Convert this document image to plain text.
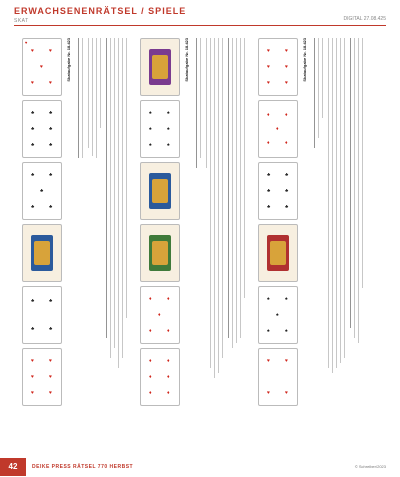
ERWACHSENENRÄTSEL / SPIELE
SKAT	DIGITAL 27.08.425
♥
♥	♥
♥
♥	♥
♣	♣
♣	♣
♣	♣
♣	♣
♣
♣	♣
♣	♣
♣	♣
♥	♥
♥	♥
♥	♥
Skataufgabe Nr. 18.423
♠	♠
♠	♠
♠	♠
♦	♦
♦
♦	♦
♦	♦
♦	♦
♦	♦
Skataufgabe Nr. 18.423	♥	♥
♥	♥
♥	♥
♦	♦
♦
♦	♦
♣	♣
♣	♣
♣	♣
♠	♠
♠
♠	♠
♥	♥
♥	♥
Skataufgabe Nr. 18.423
42	DEIKE PRESS RÄTSEL 770 HERBST	© Schreiber/2023
